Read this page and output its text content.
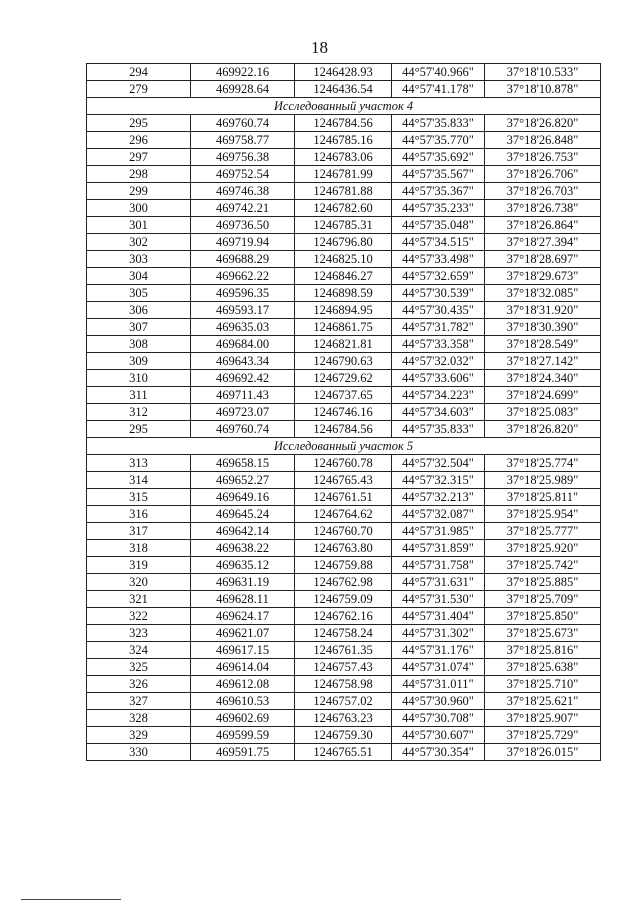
18
294	469922.16	1246428.93	44°57'40.966"	37°18'10.533"
279	469928.64	1246436.54	44°57'41.178"	37°18'10.878"
Исследованный участок 4				
295	469760.74	1246784.56	44°57'35.833"	37°18'26.820"
296	469758.77	1246785.16	44°57'35.770"	37°18'26.848"
297	469756.38	1246783.06	44°57'35.692"	37°18'26.753"
298	469752.54	1246781.99	44°57'35.567"	37°18'26.706"
299	469746.38	1246781.88	44°57'35.367"	37°18'26.703"
300	469742.21	1246782.60	44°57'35.233"	37°18'26.738"
301	469736.50	1246785.31	44°57'35.048"	37°18'26.864"
302	469719.94	1246796.80	44°57'34.515"	37°18'27.394"
303	469688.29	1246825.10	44°57'33.498"	37°18'28.697"
304	469662.22	1246846.27	44°57'32.659"	37°18'29.673"
305	469596.35	1246898.59	44°57'30.539"	37°18'32.085"
306	469593.17	1246894.95	44°57'30.435"	37°18'31.920"
307	469635.03	1246861.75	44°57'31.782"	37°18'30.390"
308	469684.00	1246821.81	44°57'33.358"	37°18'28.549"
309	469643.34	1246790.63	44°57'32.032"	37°18'27.142"
310	469692.42	1246729.62	44°57'33.606"	37°18'24.340"
311	469711.43	1246737.65	44°57'34.223"	37°18'24.699"
312	469723.07	1246746.16	44°57'34.603"	37°18'25.083"
295	469760.74	1246784.56	44°57'35.833"	37°18'26.820"
Исследованный участок 5				
313	469658.15	1246760.78	44°57'32.504"	37°18'25.774"
314	469652.27	1246765.43	44°57'32.315"	37°18'25.989"
315	469649.16	1246761.51	44°57'32.213"	37°18'25.811"
316	469645.24	1246764.62	44°57'32.087"	37°18'25.954"
317	469642.14	1246760.70	44°57'31.985"	37°18'25.777"
318	469638.22	1246763.80	44°57'31.859"	37°18'25.920"
319	469635.12	1246759.88	44°57'31.758"	37°18'25.742"
320	469631.19	1246762.98	44°57'31.631"	37°18'25.885"
321	469628.11	1246759.09	44°57'31.530"	37°18'25.709"
322	469624.17	1246762.16	44°57'31.404"	37°18'25.850"
323	469621.07	1246758.24	44°57'31.302"	37°18'25.673"
324	469617.15	1246761.35	44°57'31.176"	37°18'25.816"
325	469614.04	1246757.43	44°57'31.074"	37°18'25.638"
326	469612.08	1246758.98	44°57'31.011"	37°18'25.710"
327	469610.53	1246757.02	44°57'30.960"	37°18'25.621"
328	469602.69	1246763.23	44°57'30.708"	37°18'25.907"
329	469599.59	1246759.30	44°57'30.607"	37°18'25.729"
330	469591.75	1246765.51	44°57'30.354"	37°18'26.015"
